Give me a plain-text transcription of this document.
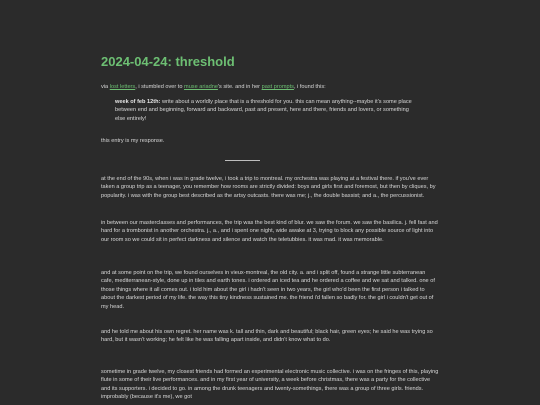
2024-04-24: threshold

via lost letters, i stumbled over to muse ariadne's site. and in her past prompts, i found this:

week of feb 12th: write about a worldly place that is a threshold for you. this can mean anything--maybe it's some place between end and beginning, forward and backward, past and present, here and there, friends and lovers, or something else entirely!

this entry is my response.

at the end of the 90s, when i was in grade twelve, i took a trip to montreal. my orchestra was playing at a festival there. if you've ever taken a group trip as a teenager, you remember how rooms are strictly divided: boys and girls first and foremost, but then by cliques, by popularity. i was with the group best described as the artsy outcasts. there was me; j., the double bassist; and a., the percussionist.

in between our masterclasses and performances, the trip was the best kind of blur. we saw the forum. we saw the basilica. j. fell fast and hard for a trombonist in another orchestra. j., a., and i spent one night, wide awake at 3, trying to block any possible source of light into our room so we could sit in perfect darkness and silence and watch the teletubbies. it was mad. it was memorable.

and at some point on the trip, we found ourselves in vieux-montreal, the old city. a. and i split off, found a strange little subterranean cafe, mediterranean-style, done up in tiles and earth tones. i ordered an iced tea and he ordered a coffee and we sat and talked. one of those things where it all comes out. i told him about the girl i hadn't seen in two years, the girl who'd been the first person i talked to about the darkest period of my life. the way this tiny kindness sustained me. the friend i'd fallen so badly for. the girl i couldn't get out of my head.

and he told me about his own regret. her name was k. tall and thin, dark and beautiful; black hair, green eyes; he said he was trying so hard, but it wasn't working; he felt like he was falling apart inside, and didn't know what to do.

sometime in grade twelve, my closest friends had formed an experimental electronic music collective. i was on the fringes of this, playing flute in some of their live performances. and in my first year of university, a week before christmas, there was a party for the collective and its supporters. i decided to go. in among the drunk teenagers and twenty-somethings, there was a group of three girls. friends. improbably (because it's me), we got
